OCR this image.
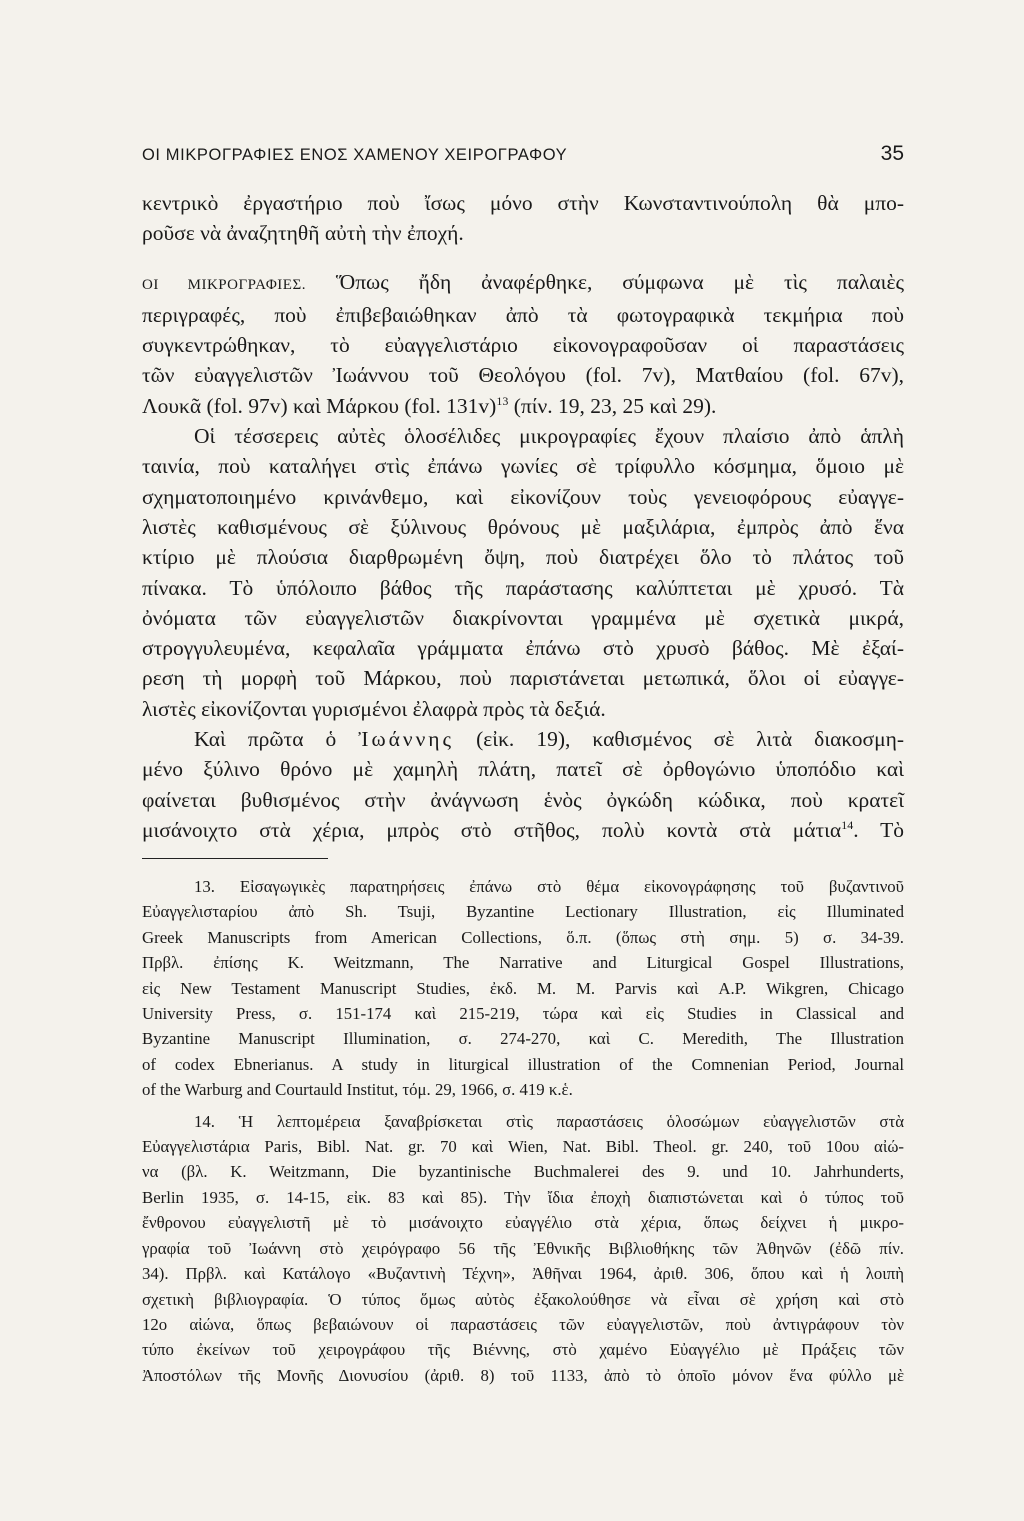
ΟΙ ΜΙΚΡΟΓΡΑΦΙΕΣ ΕΝΟΣ ΧΑΜΕΝΟΥ ΧΕΙΡΟΓΡΑΦΟΥ	35

κεντρικὸ ἐργαστήριο ποὺ ἴσως μόνο στὴν Κωνσταντινούπολη θὰ μπο-

ροῦσε νὰ ἀναζητηθῆ αὐτὴ τὴν ἐποχή.

ΟΙ ΜΙΚΡΟΓΡΑΦΙΕΣ. Ὅπως ἤδη ἀναφέρθηκε, σύμφωνα μὲ τὶς παλαιὲς

περιγραφές, ποὺ ἐπιβεβαιώθηκαν ἀπὸ τὰ φωτογραφικὰ τεκμήρια ποὺ

συγκεντρώθηκαν, τὸ εὐαγγελιστάριο εἰκονογραφοῦσαν οἱ παραστάσεις

τῶν εὐαγγελιστῶν Ἰωάννου τοῦ Θεολόγου (fol. 7v), Ματθαίου (fol. 67v),

Λουκᾶ (fol. 97v) καὶ Μάρκου (fol. 131v)$^{13}$ (πίν. 19, 23, 25 καὶ 29).

Οἱ τέσσερεις αὐτὲς ὁλοσέλιδες μικρογραφίες ἔχουν πλαίσιο ἀπὸ ἁπλὴ

ταινία, ποὺ καταλήγει στὶς ἐπάνω γωνίες σὲ τρίφυλλο κόσμημα, ὅμοιο μὲ

σχηματοποιημένο κρινάνθεμο, καὶ εἰκονίζουν τοὺς γενειοφόρους εὐαγγε-

λιστὲς καθισμένους σὲ ξύλινους θρόνους μὲ μαξιλάρια, ἐμπρὸς ἀπὸ ἕνα

κτίριο μὲ πλούσια διαρθρωμένη ὄψη, ποὺ διατρέχει ὅλο τὸ πλάτος τοῦ

πίνακα. Τὸ ὑπόλοιπο βάθος τῆς παράστασης καλύπτεται μὲ χρυσό. Τὰ

ὀνόματα τῶν εὐαγγελιστῶν διακρίνονται γραμμένα μὲ σχετικὰ μικρά,

στρογγυλευμένα, κεφαλαῖα γράμματα ἐπάνω στὸ χρυσὸ βάθος. Μὲ ἐξαί-

ρεση τὴ μορφὴ τοῦ Μάρκου, ποὺ παριστάνεται μετωπικά, ὅλοι οἱ εὐαγγε-

λιστὲς εἰκονίζονται γυρισμένοι ἐλαφρὰ πρὸς τὰ δεξιά.

Καὶ πρῶτα ὁ Ἰωάννης (εἰκ. 19), καθισμένος σὲ λιτὰ διακοσμη-

μένο ξύλινο θρόνο μὲ χαμηλὴ πλάτη, πατεῖ σὲ ὀρθογώνιο ὑποπόδιο καὶ

φαίνεται βυθισμένος στὴν ἀνάγνωση ἑνὸς ὀγκώδη κώδικα, ποὺ κρατεῖ

μισάνοιχτο στὰ χέρια, μπρὸς στὸ στῆθος, πολὺ κοντὰ στὰ μάτια$^{14}$. Τὸ

13. Εἰσαγωγικὲς παρατηρήσεις ἐπάνω στὸ θέμα εἰκονογράφησης τοῦ βυζαντινοῦ

Εὐαγγελισταρίου ἀπὸ Sh. Tsuji, Byzantine Lectionary Illustration, εἰς Illuminated

Greek Manuscripts from American Collections, ὅ.π. (ὅπως στὴ σημ. 5) σ. 34-39.

Πρβλ. ἐπίσης K. Weitzmann, The Narrative and Liturgical Gospel Illustrations,

εἰς New Testament Manuscript Studies, ἐκδ. M. M. Parvis καὶ A.P. Wikgren, Chicago

University Press, σ. 151-174 καὶ 215-219, τώρα καὶ εἰς Studies in Classical and

Byzantine Manuscript Illumination, σ. 274-270, καὶ C. Meredith, The Illustration

of codex Ebnerianus. A study in liturgical illustration of the Comnenian Period, Journal

of the Warburg and Courtauld Institut, τόμ. 29, 1966, σ. 419 κ.ἑ.

14. Ἡ λεπτομέρεια ξαναβρίσκεται στὶς παραστάσεις ὁλοσώμων εὐαγγελιστῶν στὰ

Εὐαγγελιστάρια Paris, Bibl. Nat. gr. 70 καὶ Wien, Nat. Bibl. Theol. gr. 240, τοῦ 10ου αἰώ-

να (βλ. K. Weitzmann, Die byzantinische Buchmalerei des 9. und 10. Jahrhunderts,

Berlin 1935, σ. 14-15, εἰκ. 83 καὶ 85). Τὴν ἴδια ἐποχὴ διαπιστώνεται καὶ ὁ τύπος τοῦ

ἔνθρονου εὐαγγελιστῆ μὲ τὸ μισάνοιχτο εὐαγγέλιο στὰ χέρια, ὅπως δείχνει ἡ μικρο-

γραφία τοῦ Ἰωάννη στὸ χειρόγραφο 56 τῆς Ἐθνικῆς Βιβλιοθήκης τῶν Ἀθηνῶν (ἐδῶ πίν.

34). Πρβλ. καὶ Κατάλογο «Βυζαντινὴ Τέχνη», Ἀθῆναι 1964, ἀριθ. 306, ὅπου καὶ ἡ λοιπὴ

σχετικὴ βιβλιογραφία. Ὁ τύπος ὅμως αὐτὸς ἐξακολούθησε νὰ εἶναι σὲ χρήση καὶ στὸ

12ο αἰώνα, ὅπως βεβαιώνουν οἱ παραστάσεις τῶν εὐαγγελιστῶν, ποὺ ἀντιγράφουν τὸν

τύπο ἐκείνων τοῦ χειρογράφου τῆς Βιέννης, στὸ χαμένο Εὐαγγέλιο μὲ Πράξεις τῶν

Ἀποστόλων τῆς Μονῆς Διονυσίου (ἀριθ. 8) τοῦ 1133, ἀπὸ τὸ ὁποῖο μόνον ἕνα φύλλο μὲ
